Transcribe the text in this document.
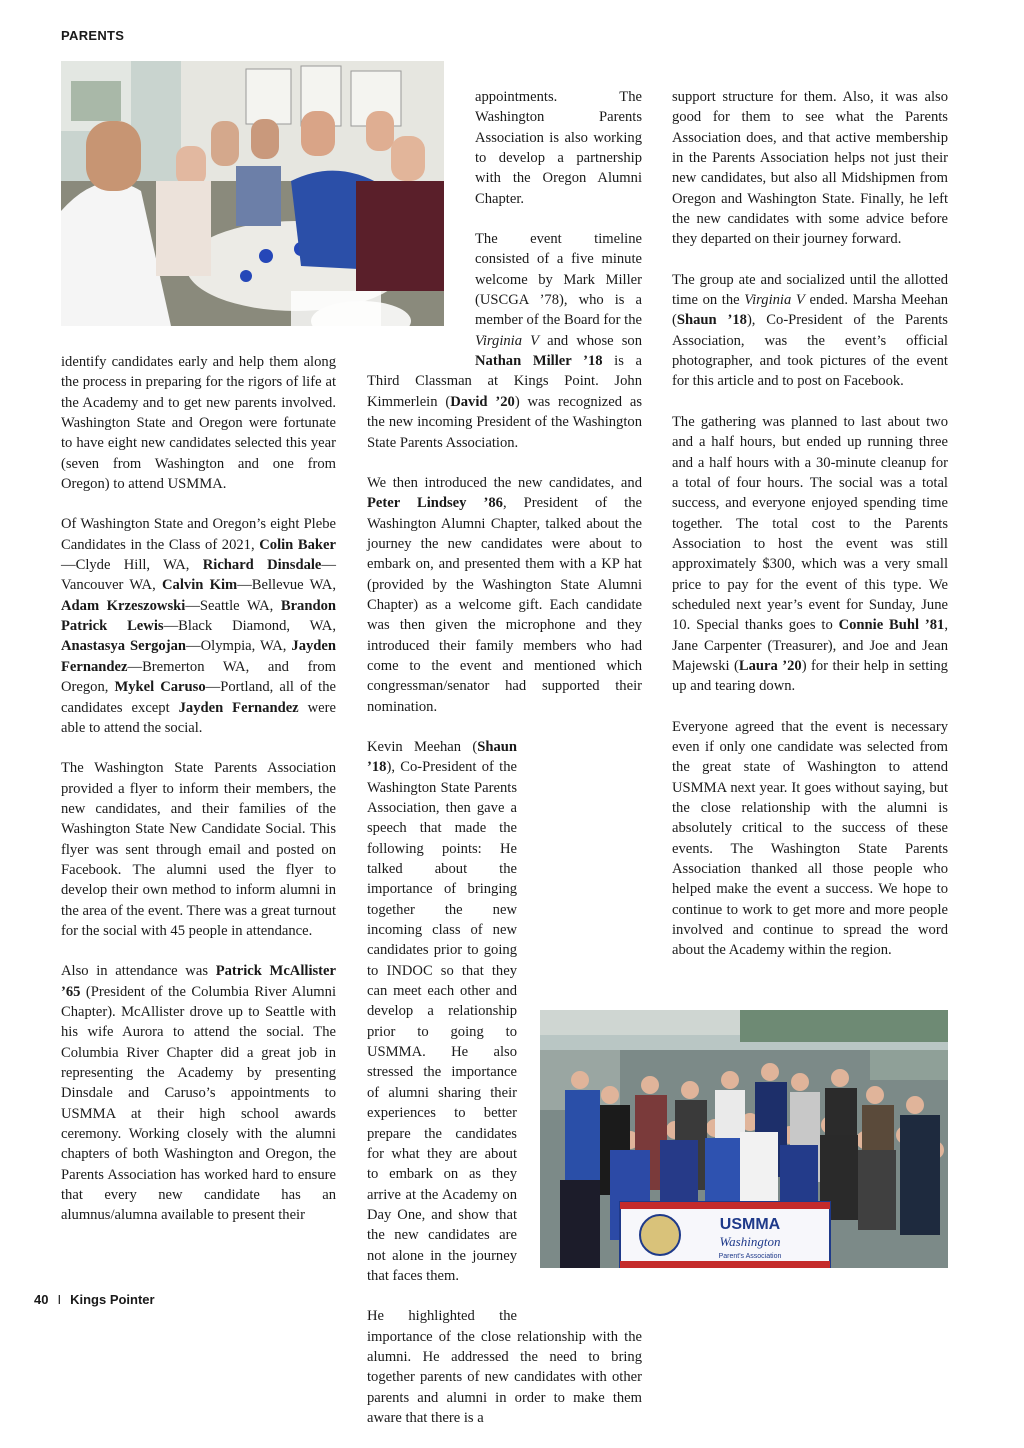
PARENTS

identify candidates early and help them along the process in preparing for the rigors of life at the Academy and to get new parents involved. Washington State and Oregon were fortunate to have eight new candidates selected this year (seven from Washington and one from Oregon) to attend USMMA.

Of Washington State and Oregon’s eight Plebe Candidates in the Class of 2021, Colin Baker—Clyde Hill, WA, Richard Dinsdale—Vancouver WA, Calvin Kim—Bellevue WA, Adam Krzeszowski—Seattle WA, Brandon Patrick Lewis—Black Diamond, WA, Anastasya Sergojan—Olympia, WA, Jayden Fernandez—Bremerton WA, and from Oregon, Mykel Caruso—Portland, all of the candidates except Jayden Fernandez were able to attend the social.

The Washington State Parents Association provided a flyer to inform their members, the new candidates, and their families of the Washington State New Candidate Social. This flyer was sent through email and posted on Facebook. The alumni used the flyer to develop their own method to inform alumni in the area of the event. There was a great turnout for the social with 45 people in attendance.

Also in attendance was Patrick McAllister ’65 (President of the Columbia River Alumni Chapter). McAllister drove up to Seattle with his wife Aurora to attend the social. The Columbia River Chapter did a great job in representing the Academy by presenting Dinsdale and Caruso’s appointments to USMMA at their high school awards ceremony. Working closely with the alumni chapters of both Washington and Oregon, the Parents Association has worked hard to ensure that every new candidate has an alumnus/alumna available to present their

appointments. The Washington Parents Association is also working to develop a partnership with the Oregon Alumni Chapter.

The event timeline consisted of a five minute welcome by Mark Miller (USCGA ’78), who is a member of the Board for the Virginia V and whose son Nathan Miller ’18 is a Third Classman at Kings Point. John Kimmerlein (David ’20) was recognized as the new incoming President of the Washington State Parents Association.

We then introduced the new candidates, and Peter Lindsey ’86, President of the Washington Alumni Chapter, talked about the journey the new candidates were about to embark on, and presented them with a KP hat (provided by the Washington State Alumni Chapter) as a welcome gift. Each candidate was then given the microphone and they introduced their family members who had come to the event and mentioned which congressman/senator had supported their nomination.

Kevin Meehan (Shaun ’18), Co-President of the Washington State Parents Association, then gave a speech that made the following points: He talked about the importance of bringing together the new incoming class of new candidates prior to going to INDOC so that they can meet each other and develop a relationship prior to going to USMMA. He also stressed the importance of alumni sharing their experiences to better prepare the candidates for what they are about to embark on as they arrive at the Academy on Day One, and show that the new candidates are not alone in the journey that faces them.

He highlighted the importance of the close relationship with the alumni. He addressed the need to bring together parents of new candidates with other parents and alumni in order to make them aware that there is a

support structure for them. Also, it was also good for them to see what the Parents Association does, and that active membership in the Parents Association helps not just their new candidates, but also all Midshipmen from Oregon and Washington State. Finally, he left the new candidates with some advice before they departed on their journey forward.

The group ate and socialized until the allotted time on the Virginia V ended. Marsha Meehan (Shaun ’18), Co-President of the Parents Association, was the event’s official photographer, and took pictures of the event for this article and to post on Facebook.

The gathering was planned to last about two and a half hours, but ended up running three and a half hours with a 30-minute cleanup for a total of four hours. The social was a total success, and everyone enjoyed spending time together. The total cost to the Parents Association to host the event was still approximately $300, which was a very small price to pay for the event of this type. We scheduled next year’s event for Sunday, June 10. Special thanks goes to Connie Buhl ’81, Jane Carpenter (Treasurer), and Joe and Jean Majewski (Laura ’20) for their help in setting up and tearing down.

Everyone agreed that the event is necessary even if only one candidate was selected from the great state of Washington to attend USMMA next year. It goes without saying, but the close relationship with the alumni is absolutely critical to the success of these events. The Washington State Parents Association thanked all those people who helped make the event a success. We hope to continue to work to get more and more people involved and continue to spread the word about the Academy within the region.

USMMA
Washington
Parent's Association
40 I Kings Pointer
